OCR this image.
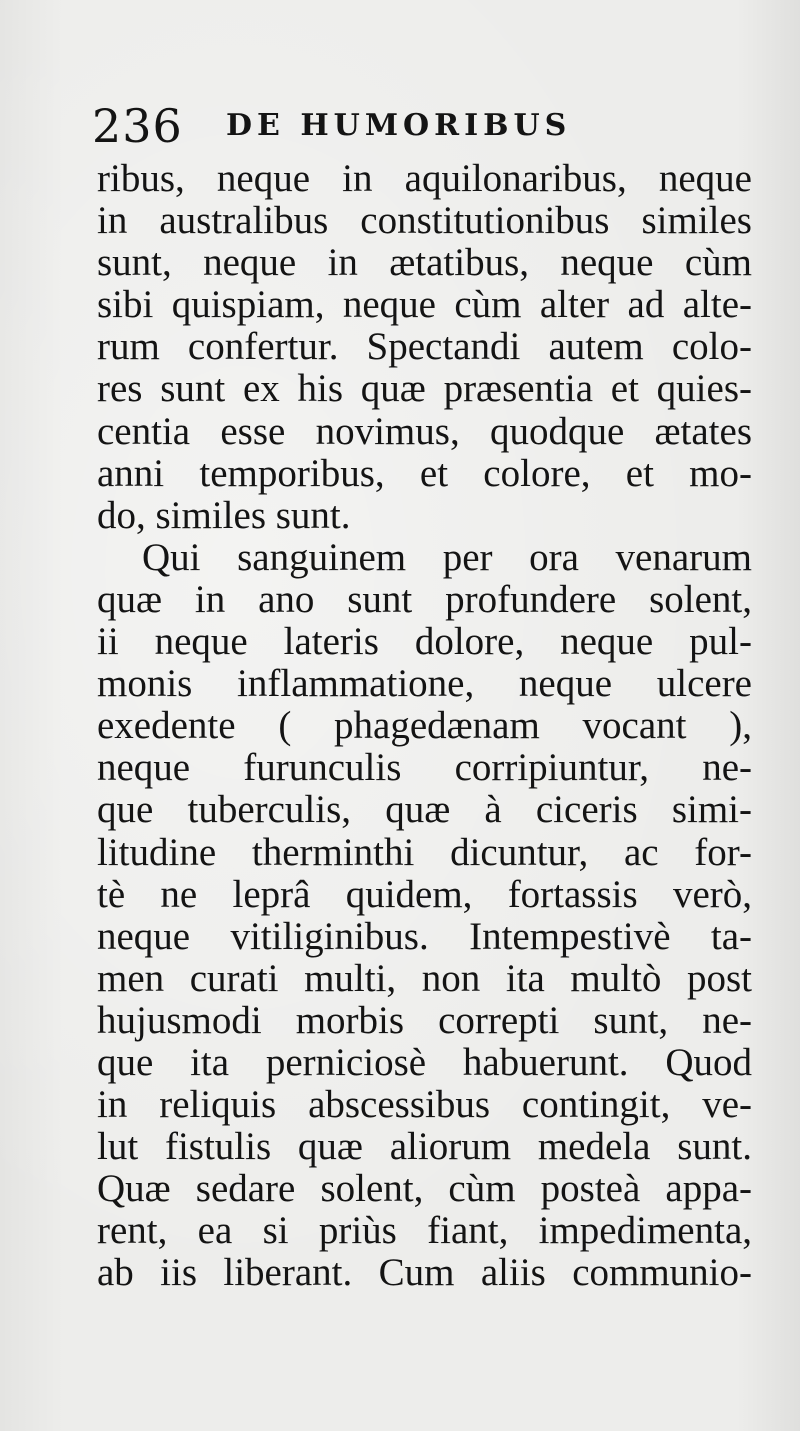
236 DE HUMORIBUS
ribus, neque in aquilonaribus, neque
in australibus constitutionibus similes
sunt, neque in ætatibus, neque cùm
sibi quispiam, neque cùm alter ad alte-
rum confertur. Spectandi autem colo-
res sunt ex his quæ præsentia et quies-
centia esse novimus, quodque ætates
anni temporibus, et colore, et mo-
do, similes sunt.
Qui sanguinem per ora venarum
quæ in ano sunt profundere solent,
ii neque lateris dolore, neque pul-
monis inflammatione, neque ulcere
exedente ( phagedænam vocant ),
neque furunculis corripiuntur, ne-
que tuberculis, quæ à ciceris simi-
litudine therminthi dicuntur, ac for-
tè ne leprâ quidem, fortassis verò,
neque vitiliginibus. Intempestivè ta-
men curati multi, non ita multò post
hujusmodi morbis correpti sunt, ne-
que ita perniciosè habuerunt. Quod
in reliquis abscessibus contingit, ve-
lut fistulis quæ aliorum medela sunt.
Quæ sedare solent, cùm posteà appa-
rent, ea si priùs fiant, impedimenta,
ab iis liberant. Cum aliis communio-
